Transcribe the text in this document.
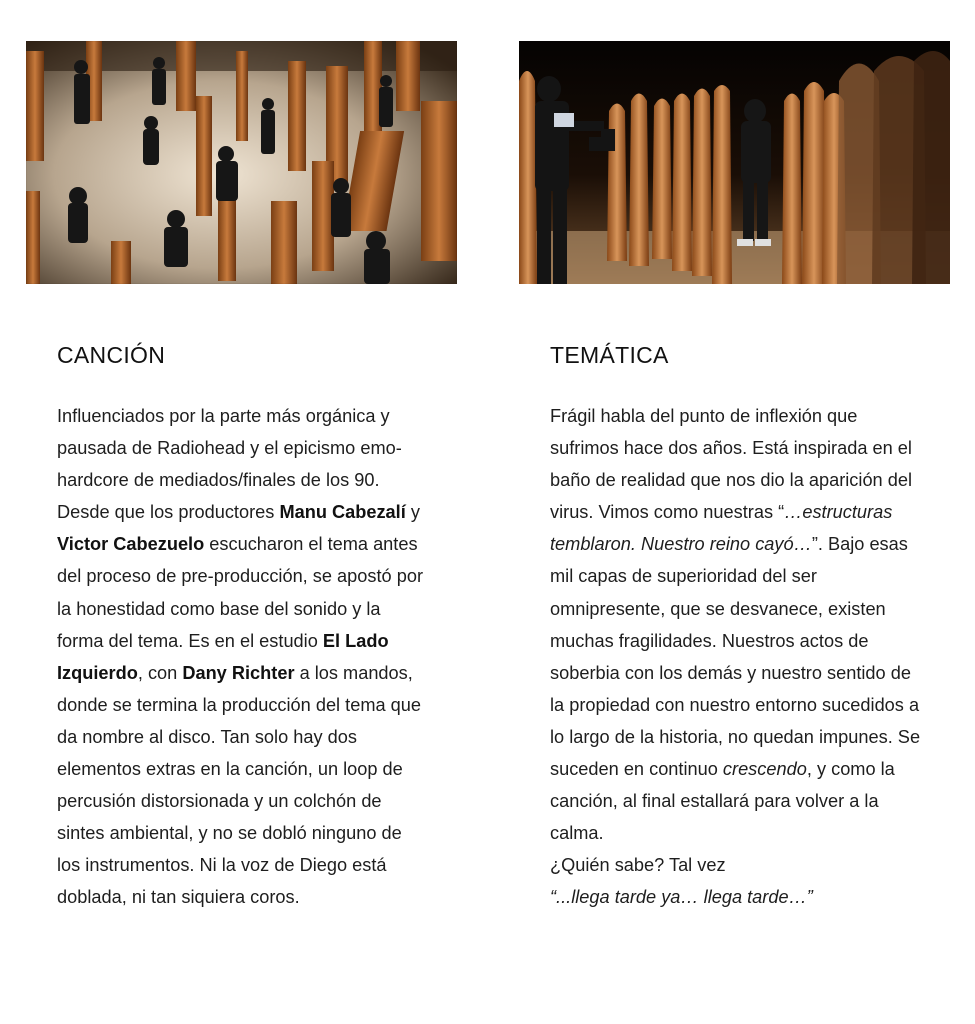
CANCIÓN

Influenciados por la parte más orgánica y pausada de Radiohead y el epicismo emo-hardcore de mediados/finales de los 90. Desde que los productores Manu Cabezalí y Victor Cabezuelo escucharon el tema antes del proceso de pre-producción, se apostó por la honestidad como base del sonido y la forma del tema. Es en el estudio El Lado Izquierdo, con Dany Richter a los mandos, donde se termina la producción del tema que da nombre al disco. Tan solo hay dos elementos extras en la canción, un loop de percusión distorsionada y un colchón de sintes ambiental, y no se dobló ninguno de los instrumentos. Ni la voz de Diego está doblada, ni tan siquiera coros.

TEMÁTICA

Frágil habla del punto de inflexión que sufrimos hace dos años. Está inspirada en el baño de realidad que nos dio la aparición del virus. Vimos como nuestras “…estructuras temblaron. Nuestro reino cayó…”. Bajo esas mil capas de superioridad del ser omnipresente, que se desvanece, existen muchas fragilidades. Nuestros actos de soberbia con los demás y nuestro sentido de la propiedad con nuestro entorno sucedidos a lo largo de la historia, no quedan impunes. Se suceden en continuo crescendo, y como la canción, al final estallará para volver a la calma.
¿Quién sabe? Tal vez
“...llega tarde ya… llega tarde…”
